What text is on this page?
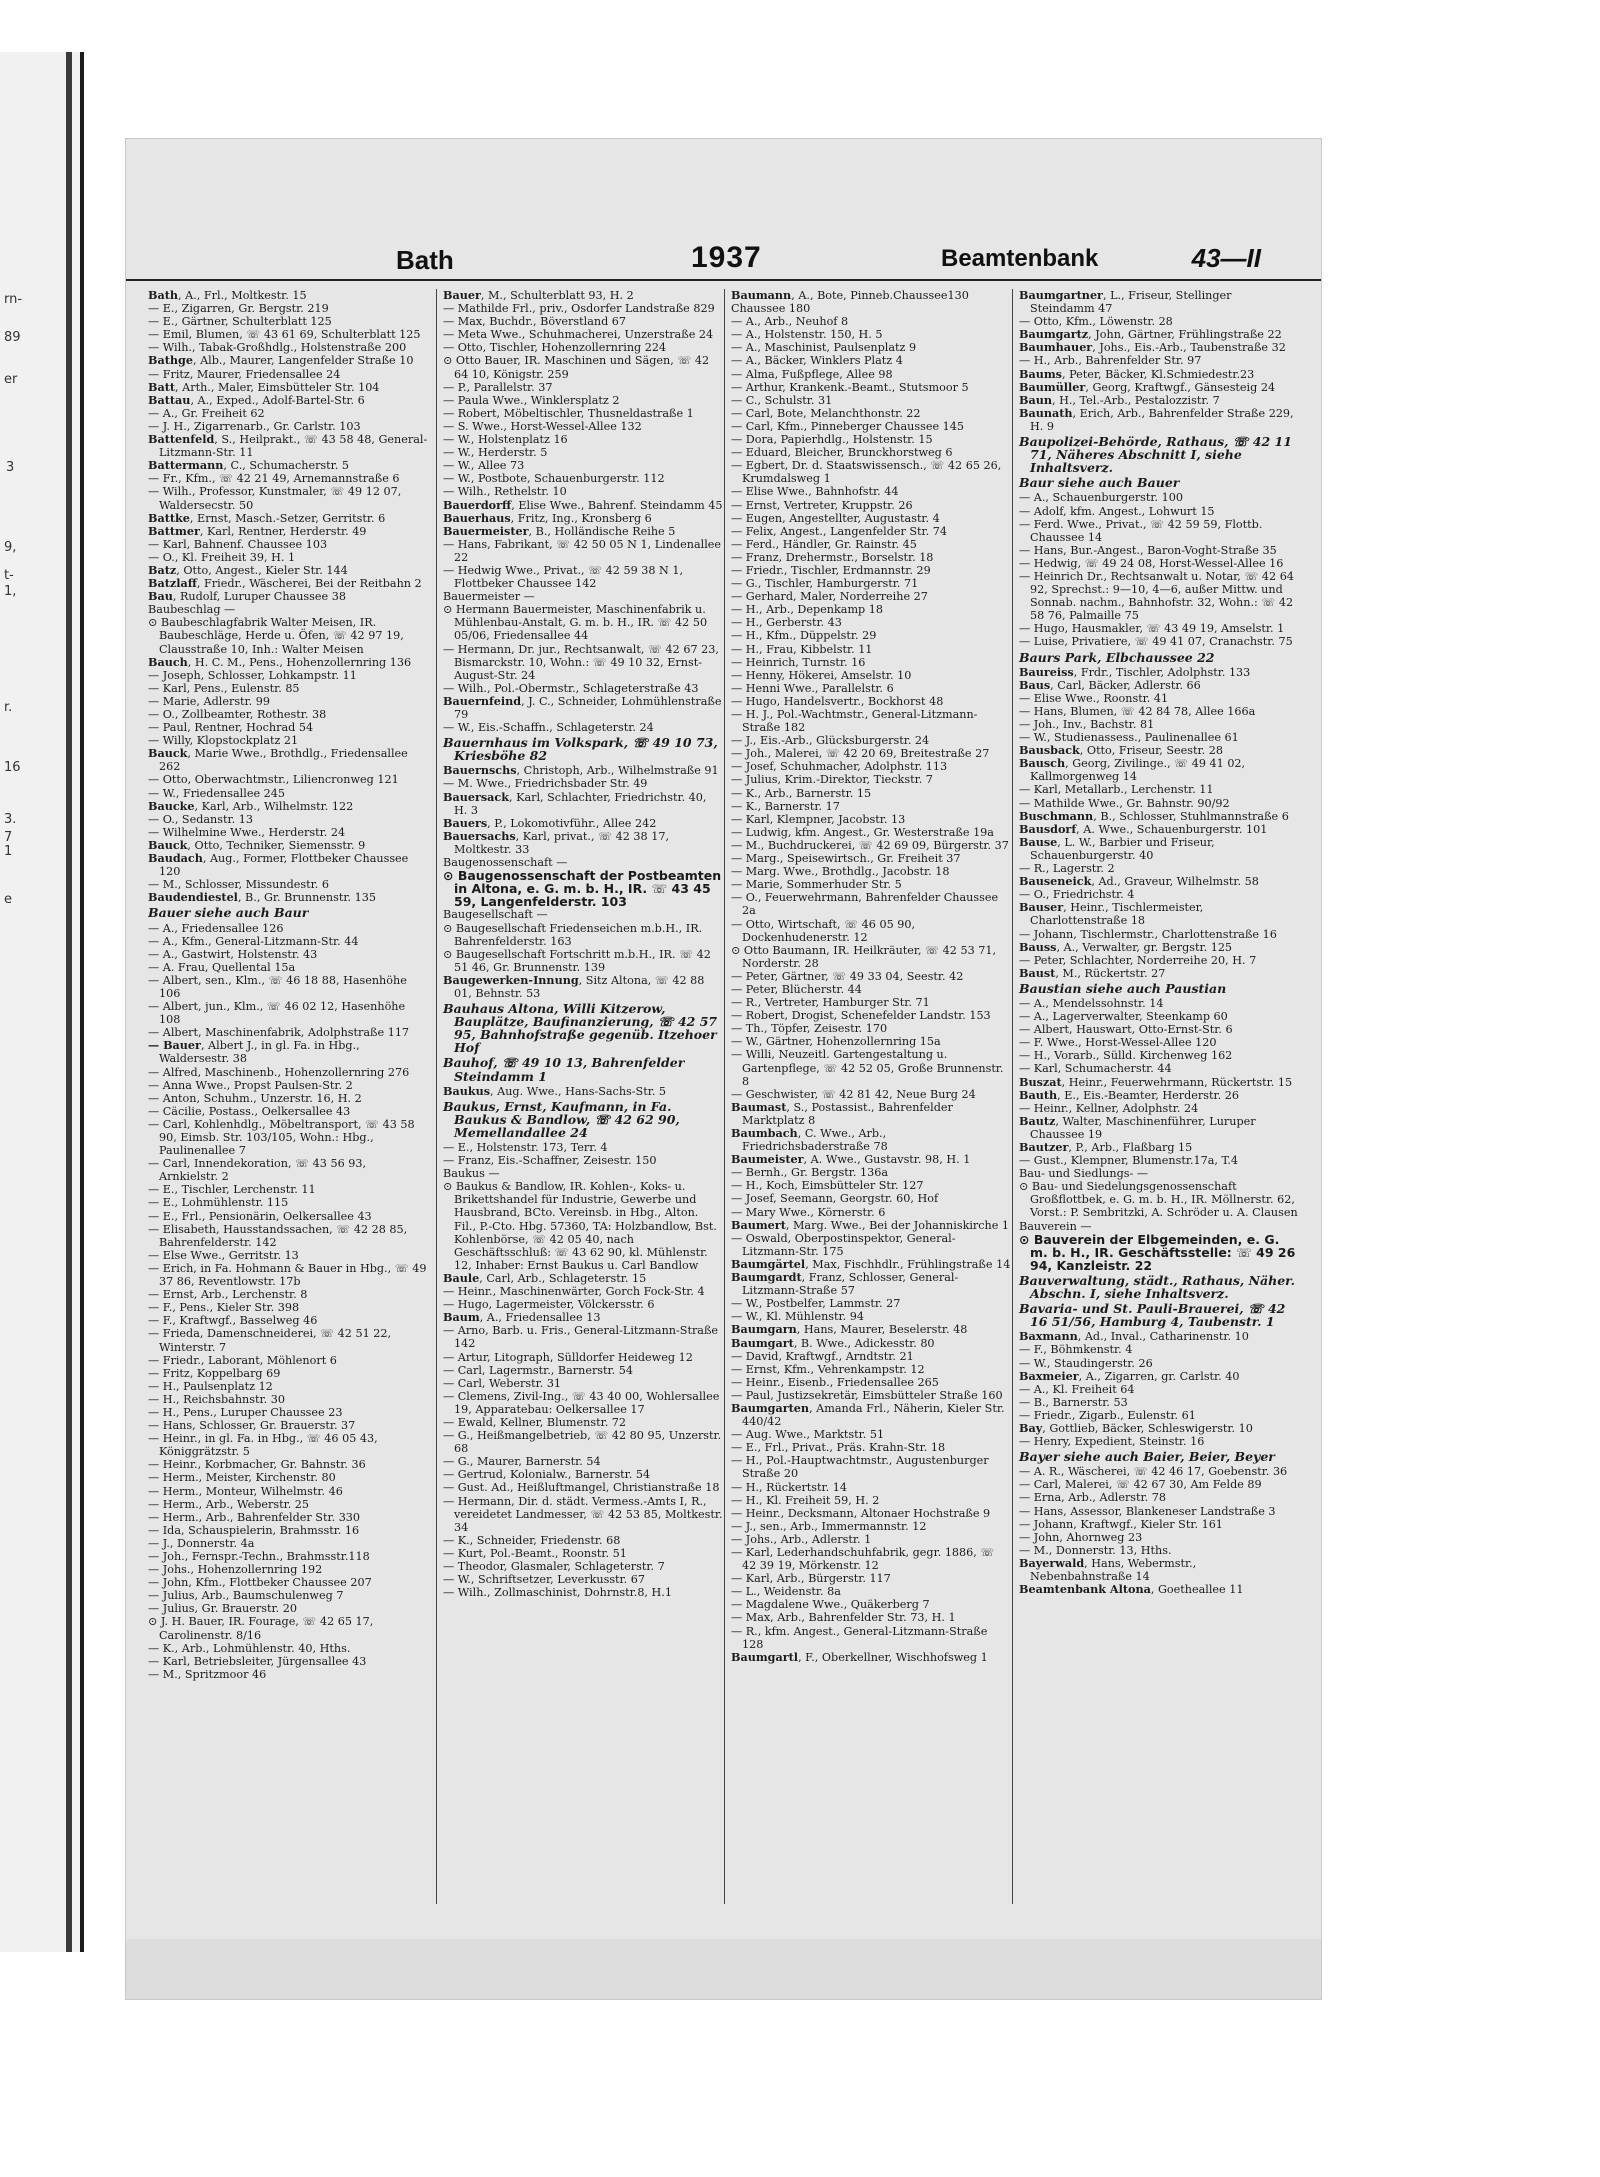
rn-
89
er
3
9,
t-
1,
r.
16
3.
7
1
e
Bath	1937	Beamtenbank	43—II
Bath, A., Frl., Moltkestr. 15
— E., Zigarren, Gr. Bergstr. 219
— E., Gärtner, Schulterblatt 125
— Emil, Blumen, ☏ 43 61 69, Schulterblatt 125
— Wilh., Tabak-Großhdlg., Holstenstraße 200
Bathge, Alb., Maurer, Langenfelder Straße 10
— Fritz, Maurer, Friedensallee 24
Batt, Arth., Maler, Eimsbütteler Str. 104
Battau, A., Exped., Adolf-Bartel-Str. 6
— A., Gr. Freiheit 62
— J. H., Zigarrenarb., Gr. Carlstr. 103
Battenfeld, S., Heilprakt., ☏ 43 58 48, General-Litzmann-Str. 11
Battermann, C., Schumacherstr. 5
— Fr., Kfm., ☏ 42 21 49, Arnemannstraße 6
— Wilh., Professor, Kunstmaler, ☏ 49 12 07, Waldersecstr. 50
Battke, Ernst, Masch.-Setzer, Gerritstr. 6
Battmer, Karl, Rentner, Herderstr. 49
— Karl, Bahnenf. Chaussee 103
— O., Kl. Freiheit 39, H. 1
Batz, Otto, Angest., Kieler Str. 144
Batzlaff, Friedr., Wäscherei, Bei der Reitbahn 2
Bau, Rudolf, Luruper Chaussee 38
Baubeschlag —
⊙ Baubeschlagfabrik Walter Meisen, IR. Baubeschläge, Herde u. Öfen, ☏ 42 97 19, Clausstraße 10, Inh.: Walter Meisen
Bauch, H. C. M., Pens., Hohenzollernring 136
— Joseph, Schlosser, Lohkampstr. 11
— Karl, Pens., Eulenstr. 85
— Marie, Adlerstr. 99
— O., Zollbeamter, Rothestr. 38
— Paul, Rentner, Hochrad 54
— Willy, Klopstockplatz 21
Bauck, Marie Wwe., Brothdlg., Friedensallee 262
— Otto, Oberwachtmstr., Liliencronweg 121
— W., Friedensallee 245
Baucke, Karl, Arb., Wilhelmstr. 122
— O., Sedanstr. 13
— Wilhelmine Wwe., Herderstr. 24
Bauck, Otto, Techniker, Siemensstr. 9
Baudach, Aug., Former, Flottbeker Chaussee 120
— M., Schlosser, Missundestr. 6
Baudendiestel, B., Gr. Brunnenstr. 135
Bauer siehe auch Baur
— A., Friedensallee 126
— A., Kfm., General-Litzmann-Str. 44
— A., Gastwirt, Holstenstr. 43
— A. Frau, Quellental 15a
— Albert, sen., Klm., ☏ 46 18 88, Hasenhöhe 106
— Albert, jun., Klm., ☏ 46 02 12, Hasenhöhe 108
— Albert, Maschinenfabrik, Adolphstraße 117
— Bauer, Albert J., in gl. Fa. in Hbg., Waldersestr. 38
— Alfred, Maschinenb., Hohenzollernring 276
— Anna Wwe., Propst Paulsen-Str. 2
— Anton, Schuhm., Unzerstr. 16, H. 2
— Cäcilie, Postass., Oelkersallee 43
— Carl, Kohlenhdlg., Möbeltransport, ☏ 43 58 90, Eimsb. Str. 103/105, Wohn.: Hbg., Paulinenallee 7
— Carl, Innendekoration, ☏ 43 56 93, Arnkielstr. 2
— E., Tischler, Lerchenstr. 11
— E., Lohmühlenstr. 115
— E., Frl., Pensionärin, Oelkersallee 43
— Elisabeth, Hausstandssachen, ☏ 42 28 85, Bahrenfelderstr. 142
— Else Wwe., Gerritstr. 13
— Erich, in Fa. Hohmann & Bauer in Hbg., ☏ 49 37 86, Reventlowstr. 17b
— Ernst, Arb., Lerchenstr. 8
— F., Pens., Kieler Str. 398
— F., Kraftwgf., Basselweg 46
— Frieda, Damenschneiderei, ☏ 42 51 22, Winterstr. 7
— Friedr., Laborant, Möhlenort 6
— Fritz, Koppelbarg 69
— H., Paulsenplatz 12
— H., Reichsbahnstr. 30
— H., Pens., Luruper Chaussee 23
— Hans, Schlosser, Gr. Brauerstr. 37
— Heinr., in gl. Fa. in Hbg., ☏ 46 05 43, Königgrätzstr. 5
— Heinr., Korbmacher, Gr. Bahnstr. 36
— Herm., Meister, Kirchenstr. 80
— Herm., Monteur, Wilhelmstr. 46
— Herm., Arb., Weberstr. 25
— Herm., Arb., Bahrenfelder Str. 330
— Ida, Schauspielerin, Brahmsstr. 16
— J., Donnerstr. 4a
— Joh., Fernspr.-Techn., Brahmsstr.118
— Johs., Hohenzollernring 192
— John, Kfm., Flottbeker Chaussee 207
— Julius, Arb., Baumschulenweg 7
— Julius, Gr. Brauerstr. 20
⊙ J. H. Bauer, IR. Fourage, ☏ 42 65 17, Carolinenstr. 8/16
— K., Arb., Lohmühlenstr. 40, Hths.
— Karl, Betriebsleiter, Jürgensallee 43
— M., Spritzmoor 46
Bauer, M., Schulterblatt 93, H. 2
— Mathilde Frl., priv., Osdorfer Landstraße 829
— Max, Buchdr., Böverstland 67
— Meta Wwe., Schuhmacherei, Unzerstraße 24
— Otto, Tischler, Hohenzollernring 224
⊙ Otto Bauer, IR. Maschinen und Sägen, ☏ 42 64 10, Königstr. 259
— P., Parallelstr. 37
— Paula Wwe., Winklersplatz 2
— Robert, Möbeltischler, Thusneldastraße 1
— S. Wwe., Horst-Wessel-Allee 132
— W., Holstenplatz 16
— W., Herderstr. 5
— W., Allee 73
— W., Postbote, Schauenburgerstr. 112
— Wilh., Rethelstr. 10
Bauerdorff, Elise Wwe., Bahrenf. Steindamm 45
Bauerhaus, Fritz, Ing., Kronsberg 6
Bauermeister, B., Holländische Reihe 5
— Hans, Fabrikant, ☏ 42 50 05 N 1, Lindenallee 22
— Hedwig Wwe., Privat., ☏ 42 59 38 N 1, Flottbeker Chaussee 142
Bauermeister —
⊙ Hermann Bauermeister, Maschinenfabrik u. Mühlenbau-Anstalt, G. m. b. H., IR. ☏ 42 50 05/06, Friedensallee 44
— Hermann, Dr. jur., Rechtsanwalt, ☏ 42 67 23, Bismarckstr. 10, Wohn.: ☏ 49 10 32, Ernst-August-Str. 24
— Wilh., Pol.-Obermstr., Schlageterstraße 43
Bauernfeind, J. C., Schneider, Lohmühlenstraße 79
— W., Eis.-Schaffn., Schlageterstr. 24
Bauernhaus im Volkspark, ☏ 49 10 73, Kriesböhe 82
Bauernschs, Christoph, Arb., Wilhelmstraße 91
— M. Wwe., Friedrichsbader Str. 49
Bauersack, Karl, Schlachter, Friedrichstr. 40, H. 3
Bauers, P., Lokomotivführ., Allee 242
Bauersachs, Karl, privat., ☏ 42 38 17, Moltkestr. 33
Baugenossenschaft —
⊙ Baugenossenschaft der Postbeamten in Altona, e. G. m. b. H., IR. ☏ 43 45 59, Langenfelderstr. 103
Baugesellschaft —
⊙ Baugesellschaft Friedenseichen m.b.H., IR. Bahrenfelderstr. 163
⊙ Baugesellschaft Fortschritt m.b.H., IR. ☏ 42 51 46, Gr. Brunnenstr. 139
Baugewerken-Innung, Sitz Altona, ☏ 42 88 01, Behnstr. 53
Bauhaus Altona, Willi Kitzerow, Bauplätze, Baufinanzierung, ☏ 42 57 95, Bahnhofstraße gegenüb. Itzehoer Hof
Bauhof, ☏ 49 10 13, Bahrenfelder Steindamm 1
Baukus, Aug. Wwe., Hans-Sachs-Str. 5
Baukus, Ernst, Kaufmann, in Fa. Baukus & Bandlow, ☏ 42 62 90, Memellandallee 24
— E., Holstenstr. 173, Terr. 4
— Franz, Eis.-Schaffner, Zeisestr. 150
Baukus —
⊙ Baukus & Bandlow, IR. Kohlen-, Koks- u. Brikettshandel für Industrie, Gewerbe und Hausbrand, BCto. Vereinsb. in Hbg., Alton. Fil., P.-Cto. Hbg. 57360, TA: Holzbandlow, Bst. Kohlenbörse, ☏ 42 05 40, nach Geschäftsschluß: ☏ 43 62 90, kl. Mühlenstr. 12, Inhaber: Ernst Baukus u. Carl Bandlow
Baule, Carl, Arb., Schlageterstr. 15
— Heinr., Maschinenwärter, Gorch Fock-Str. 4
— Hugo, Lagermeister, Völckersstr. 6
Baum, A., Friedensallee 13
— Arno, Barb. u. Fris., General-Litzmann-Straße 142
— Artur, Litograph, Sülldorfer Heideweg 12
— Carl, Lagermstr., Barnerstr. 54
— Carl, Weberstr. 31
— Clemens, Zivil-Ing., ☏ 43 40 00, Wohlersallee 19, Apparatebau: Oelkersallee 17
— Ewald, Kellner, Blumenstr. 72
— G., Heißmangelbetrieb, ☏ 42 80 95, Unzerstr. 68
— G., Maurer, Barnerstr. 54
— Gertrud, Kolonialw., Barnerstr. 54
— Gust. Ad., Heißluftmangel, Christianstraße 18
— Hermann, Dir. d. städt. Vermess.-Amts I, R., vereidetet Landmesser, ☏ 42 53 85, Moltkestr. 34
— K., Schneider, Friedenstr. 68
— Kurt, Pol.-Beamt., Roonstr. 51
— Theodor, Glasmaler, Schlageterstr. 7
— W., Schriftsetzer, Leverkusstr. 67
— Wilh., Zollmaschinist, Dohrnstr.8, H.1
Baumann, A., Bote, Pinneb.Chaussee130
Chaussee 180
— A., Arb., Neuhof 8
— A., Holstenstr. 150, H. 5
— A., Maschinist, Paulsenplatz 9
— A., Bäcker, Winklers Platz 4
— Alma, Fußpflege, Allee 98
— Arthur, Krankenk.-Beamt., Stutsmoor 5
— C., Schulstr. 31
— Carl, Bote, Melanchthonstr. 22
— Carl, Kfm., Pinneberger Chaussee 145
— Dora, Papierhdlg., Holstenstr. 15
— Eduard, Bleicher, Brunckhorstweg 6
— Egbert, Dr. d. Staatswissensch., ☏ 42 65 26, Krumdalsweg 1
— Elise Wwe., Bahnhofstr. 44
— Ernst, Vertreter, Kruppstr. 26
— Eugen, Angestellter, Augustastr. 4
— Felix, Angest., Langenfelder Str. 74
— Ferd., Händler, Gr. Rainstr. 45
— Franz, Drehermstr., Borselstr. 18
— Friedr., Tischler, Erdmannstr. 29
— G., Tischler, Hamburgerstr. 71
— Gerhard, Maler, Norderreihe 27
— H., Arb., Depenkamp 18
— H., Gerberstr. 43
— H., Kfm., Düppelstr. 29
— H., Frau, Kibbelstr. 11
— Heinrich, Turnstr. 16
— Henny, Hökerei, Amselstr. 10
— Henni Wwe., Parallelstr. 6
— Hugo, Handelsvertr., Bockhorst 48
— H. J., Pol.-Wachtmstr., General-Litzmann-Straße 182
— J., Eis.-Arb., Glücksburgerstr. 24
— Joh., Malerei, ☏ 42 20 69, Breitestraße 27
— Josef, Schuhmacher, Adolphstr. 113
— Julius, Krim.-Direktor, Tieckstr. 7
— K., Arb., Barnerstr. 15
— K., Barnerstr. 17
— Karl, Klempner, Jacobstr. 13
— Ludwig, kfm. Angest., Gr. Westerstraße 19a
— M., Buchdruckerei, ☏ 42 69 09, Bürgerstr. 37
— Marg., Speisewirtsch., Gr. Freiheit 37
— Marg. Wwe., Brothdlg., Jacobstr. 18
— Marie, Sommerhuder Str. 5
— O., Feuerwehrmann, Bahrenfelder Chaussee 2a
— Otto, Wirtschaft, ☏ 46 05 90, Dockenhudenerstr. 12
⊙ Otto Baumann, IR. Heilkräuter, ☏ 42 53 71, Norderstr. 28
— Peter, Gärtner, ☏ 49 33 04, Seestr. 42
— Peter, Blücherstr. 44
— R., Vertreter, Hamburger Str. 71
— Robert, Drogist, Schenefelder Landstr. 153
— Th., Töpfer, Zeisestr. 170
— W., Gärtner, Hohenzollernring 15a
— Willi, Neuzeitl. Gartengestaltung u. Gartenpflege, ☏ 42 52 05, Große Brunnenstr. 8
— Geschwister, ☏ 42 81 42, Neue Burg 24
Baumast, S., Postassist., Bahrenfelder Marktplatz 8
Baumbach, C. Wwe., Arb., Friedrichsbaderstraße 78
Baumeister, A. Wwe., Gustavstr. 98, H. 1
— Bernh., Gr. Bergstr. 136a
— H., Koch, Eimsbütteler Str. 127
— Josef, Seemann, Georgstr. 60, Hof
— Mary Wwe., Körnerstr. 6
Baumert, Marg. Wwe., Bei der Johanniskirche 1
— Oswald, Oberpostinspektor, General-Litzmann-Str. 175
Baumgärtel, Max, Fischhdlr., Frühlingstraße 14
Baumgardt, Franz, Schlosser, General-Litzmann-Straße 57
— W., Postbelfer, Lammstr. 27
— W., Kl. Mühlenstr. 94
Baumgarn, Hans, Maurer, Beselerstr. 48
Baumgart, B. Wwe., Adickesstr. 80
— David, Kraftwgf., Arndtstr. 21
— Ernst, Kfm., Vehrenkampstr. 12
— Heinr., Eisenb., Friedensallee 265
— Paul, Justizsekretär, Eimsbütteler Straße 160
Baumgarten, Amanda Frl., Näherin, Kieler Str. 440/42
— Aug. Wwe., Marktstr. 51
— E., Frl., Privat., Präs. Krahn-Str. 18
— H., Pol.-Hauptwachtmstr., Augustenburger Straße 20
— H., Rückertstr. 14
— H., Kl. Freiheit 59, H. 2
— Heinr., Decksmann, Altonaer Hochstraße 9
— J., sen., Arb., Immermannstr. 12
— Johs., Arb., Adlerstr. 1
— Karl, Lederhandschuhfabrik, gegr. 1886, ☏ 42 39 19, Mörkenstr. 12
— Karl, Arb., Bürgerstr. 117
— L., Weidenstr. 8a
— Magdalene Wwe., Quäkerberg 7
— Max, Arb., Bahrenfelder Str. 73, H. 1
— R., kfm. Angest., General-Litzmann-Straße 128
Baumgartl, F., Oberkellner, Wischhofsweg 1
Baumgartner, L., Friseur, Stellinger Steindamm 47
— Otto, Kfm., Löwenstr. 28
Baumgartz, John, Gärtner, Frühlingstraße 22
Baumhauer, Johs., Eis.-Arb., Taubenstraße 32
— H., Arb., Bahrenfelder Str. 97
Baums, Peter, Bäcker, Kl.Schmiedestr.23
Baumüller, Georg, Kraftwgf., Gänsesteig 24
Baun, H., Tel.-Arb., Pestalozzistr. 7
Baunath, Erich, Arb., Bahrenfelder Straße 229, H. 9
Baupolizei-Behörde, Rathaus, ☏ 42 11 71, Näheres Abschnitt I, siehe Inhaltsverz.
Baur siehe auch Bauer
— A., Schauenburgerstr. 100
— Adolf, kfm. Angest., Lohwurt 15
— Ferd. Wwe., Privat., ☏ 42 59 59, Flottb. Chaussee 14
— Hans, Bur.-Angest., Baron-Voght-Straße 35
— Hedwig, ☏ 49 24 08, Horst-Wessel-Allee 16
— Heinrich Dr., Rechtsanwalt u. Notar, ☏ 42 64 92, Sprechst.: 9—10, 4—6, außer Mittw. und Sonnab. nachm., Bahnhofstr. 32, Wohn.: ☏ 42 58 76, Palmaille 75
— Hugo, Hausmakler, ☏ 43 49 19, Amselstr. 1
— Luise, Privatiere, ☏ 49 41 07, Cranachstr. 75
Baurs Park, Elbchaussee 22
Baureiss, Frdr., Tischler, Adolphstr. 133
Baus, Carl, Bäcker, Adlerstr. 66
— Elise Wwe., Roonstr. 41
— Hans, Blumen, ☏ 42 84 78, Allee 166a
— Joh., Inv., Bachstr. 81
— W., Studienassess., Paulinenallee 61
Bausback, Otto, Friseur, Seestr. 28
Bausch, Georg, Zivilinge., ☏ 49 41 02, Kallmorgenweg 14
— Karl, Metallarb., Lerchenstr. 11
— Mathilde Wwe., Gr. Bahnstr. 90/92
Buschmann, B., Schlosser, Stuhlmannstraße 6
Bausdorf, A. Wwe., Schauenburgerstr. 101
Bause, L. W., Barbier und Friseur, Schauenburgerstr. 40
— R., Lagerstr. 2
Bauseneick, Ad., Graveur, Wilhelmstr. 58
— O., Friedrichstr. 4
Bauser, Heinr., Tischlermeister, Charlottenstraße 18
— Johann, Tischlermstr., Charlottenstraße 16
Bauss, A., Verwalter, gr. Bergstr. 125
— Peter, Schlachter, Norderreihe 20, H. 7
Baust, M., Rückertstr. 27
Baustian siehe auch Paustian
— A., Mendelssohnstr. 14
— A., Lagerverwalter, Steenkamp 60
— Albert, Hauswart, Otto-Ernst-Str. 6
— F. Wwe., Horst-Wessel-Allee 120
— H., Vorarb., Sülld. Kirchenweg 162
— Karl, Schumacherstr. 44
Buszat, Heinr., Feuerwehrmann, Rückertstr. 15
Bauth, E., Eis.-Beamter, Herderstr. 26
— Heinr., Kellner, Adolphstr. 24
Bautz, Walter, Maschinenführer, Luruper Chaussee 19
Bautzer, P., Arb., Flaßbarg 15
— Gust., Klempner, Blumenstr.17a, T.4
Bau- und Siedlungs- —
⊙ Bau- und Siedelungsgenossenschaft Großflottbek, e. G. m. b. H., IR. Möllnerstr. 62, Vorst.: P. Sembritzki, A. Schröder u. A. Clausen
Bauverein —
⊙ Bauverein der Elbgemeinden, e. G. m. b. H., IR. Geschäftsstelle: ☏ 49 26 94, Kanzleistr. 22
Bauverwaltung, städt., Rathaus, Näher. Abschn. I, siehe Inhaltsverz.
Bavaria- und St. Pauli-Brauerei, ☏ 42 16 51/56, Hamburg 4, Taubenstr. 1
Baxmann, Ad., Inval., Catharinenstr. 10
— F., Böhmkenstr. 4
— W., Staudingerstr. 26
Baxmeier, A., Zigarren, gr. Carlstr. 40
— A., Kl. Freiheit 64
— B., Barnerstr. 53
— Friedr., Zigarb., Eulenstr. 61
Bay, Gottlieb, Bäcker, Schleswigerstr. 10
— Henry, Expedient, Steinstr. 16
Bayer siehe auch Baier, Beier, Beyer
— A. R., Wäscherei, ☏ 42 46 17, Goebenstr. 36
— Carl, Malerei, ☏ 42 67 30, Am Felde 89
— Erna, Arb., Adlerstr. 78
— Hans, Assessor, Blankeneser Landstraße 3
— Johann, Kraftwgf., Kieler Str. 161
— John, Ahornweg 23
— M., Donnerstr. 13, Hths.
Bayerwald, Hans, Webermstr., Nebenbahnstraße 14
Beamtenbank Altona, Goetheallee 11
